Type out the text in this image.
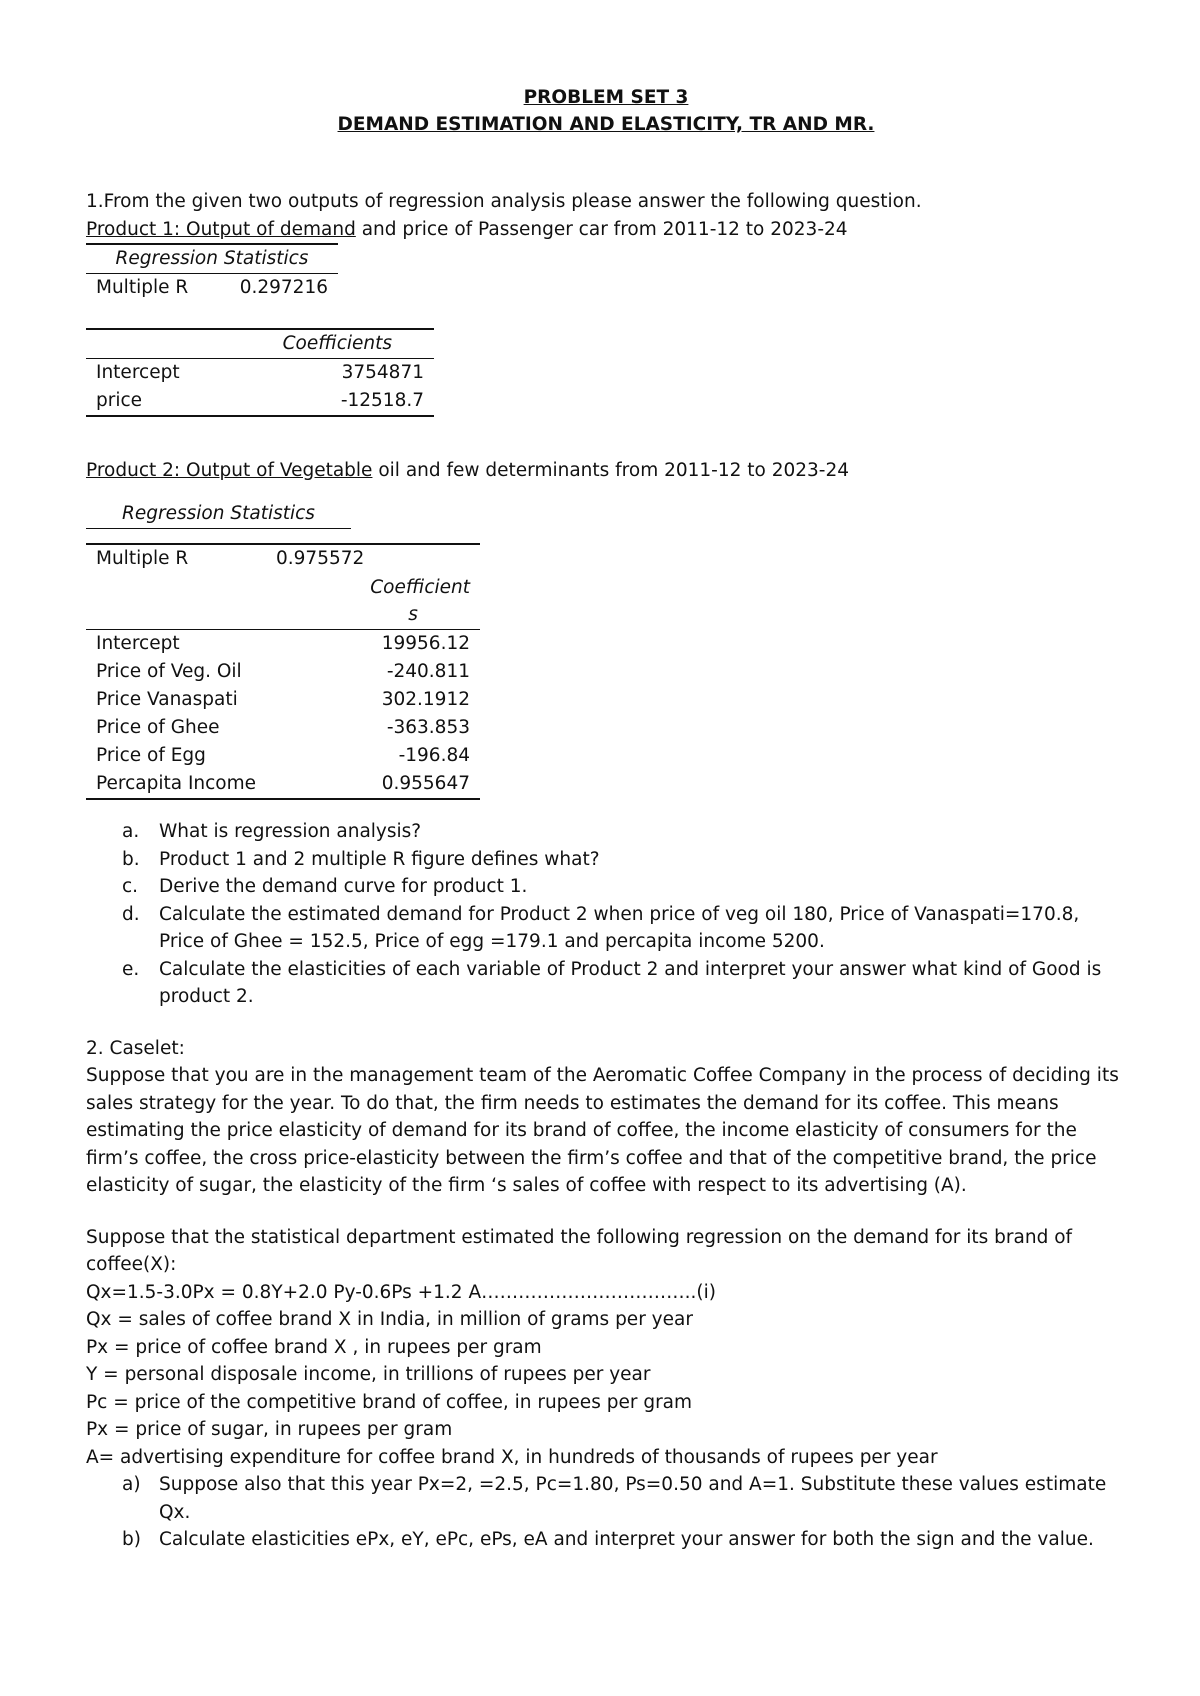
PROBLEM SET 3
DEMAND ESTIMATION AND ELASTICITY, TR AND MR.

1.From the given two outputs of regression analysis please answer the following question.

Product 1: Output of demand and price of Passenger car from 2011-12 to 2023-24

Regression Statistics
Multiple R	0.297216
	Coefficients
Intercept	3754871
price	-12518.7

Product 2: Output of Vegetable oil and few determinants from 2011-12 to 2023-24

Regression Statistics
Multiple R	0.975572
	Coefficient
s
Intercept	19956.12
Price of Veg. Oil	-240.811
Price Vanaspati	302.1912
Price of Ghee	-363.853
Price of Egg	-196.84
Percapita Income	0.955647
a. What is regression analysis?
b. Product 1 and 2 multiple R figure defines what?
c. Derive the demand curve for product 1.
d. Calculate the estimated demand for Product 2 when price of veg oil 180, Price of Vanaspati=170.8, Price of Ghee = 152.5, Price of egg =179.1 and percapita income 5200.
e. Calculate the elasticities of each variable of Product 2 and interpret your answer what kind of Good is product 2.

2. Caselet:

Suppose that you are in the management team of the Aeromatic Coffee Company in the process of deciding its sales strategy for the year. To do that, the firm needs to estimates the demand for its coffee. This means estimating the price elasticity of demand for its brand of coffee, the income elasticity of consumers for the firm’s coffee, the cross price-elasticity between the firm’s coffee and that of the competitive brand, the price elasticity of sugar, the elasticity of the firm ‘s sales of coffee with respect to its advertising (A).

Suppose that the statistical department estimated the following regression on the demand for its brand of

coffee(X):

Qx=1.5-3.0Px = 0.8Y+2.0 Py-0.6Ps +1.2 A……………………………..(i)

Qx = sales of coffee brand X in India, in million of grams per year

Px = price of coffee brand X , in rupees per gram

Y = personal disposale income, in trillions of rupees per year

Pc = price of the competitive brand of coffee, in rupees per gram

Px = price of sugar, in rupees per gram

A= advertising expenditure for coffee brand X, in hundreds of thousands of rupees per year

a) Suppose also that this year Px=2, =2.5, Pc=1.80, Ps=0.50 and A=1. Substitute these values estimate Qx.
b) Calculate elasticities ePx, eY, ePc, ePs, eA and interpret your answer for both the sign and the value.
